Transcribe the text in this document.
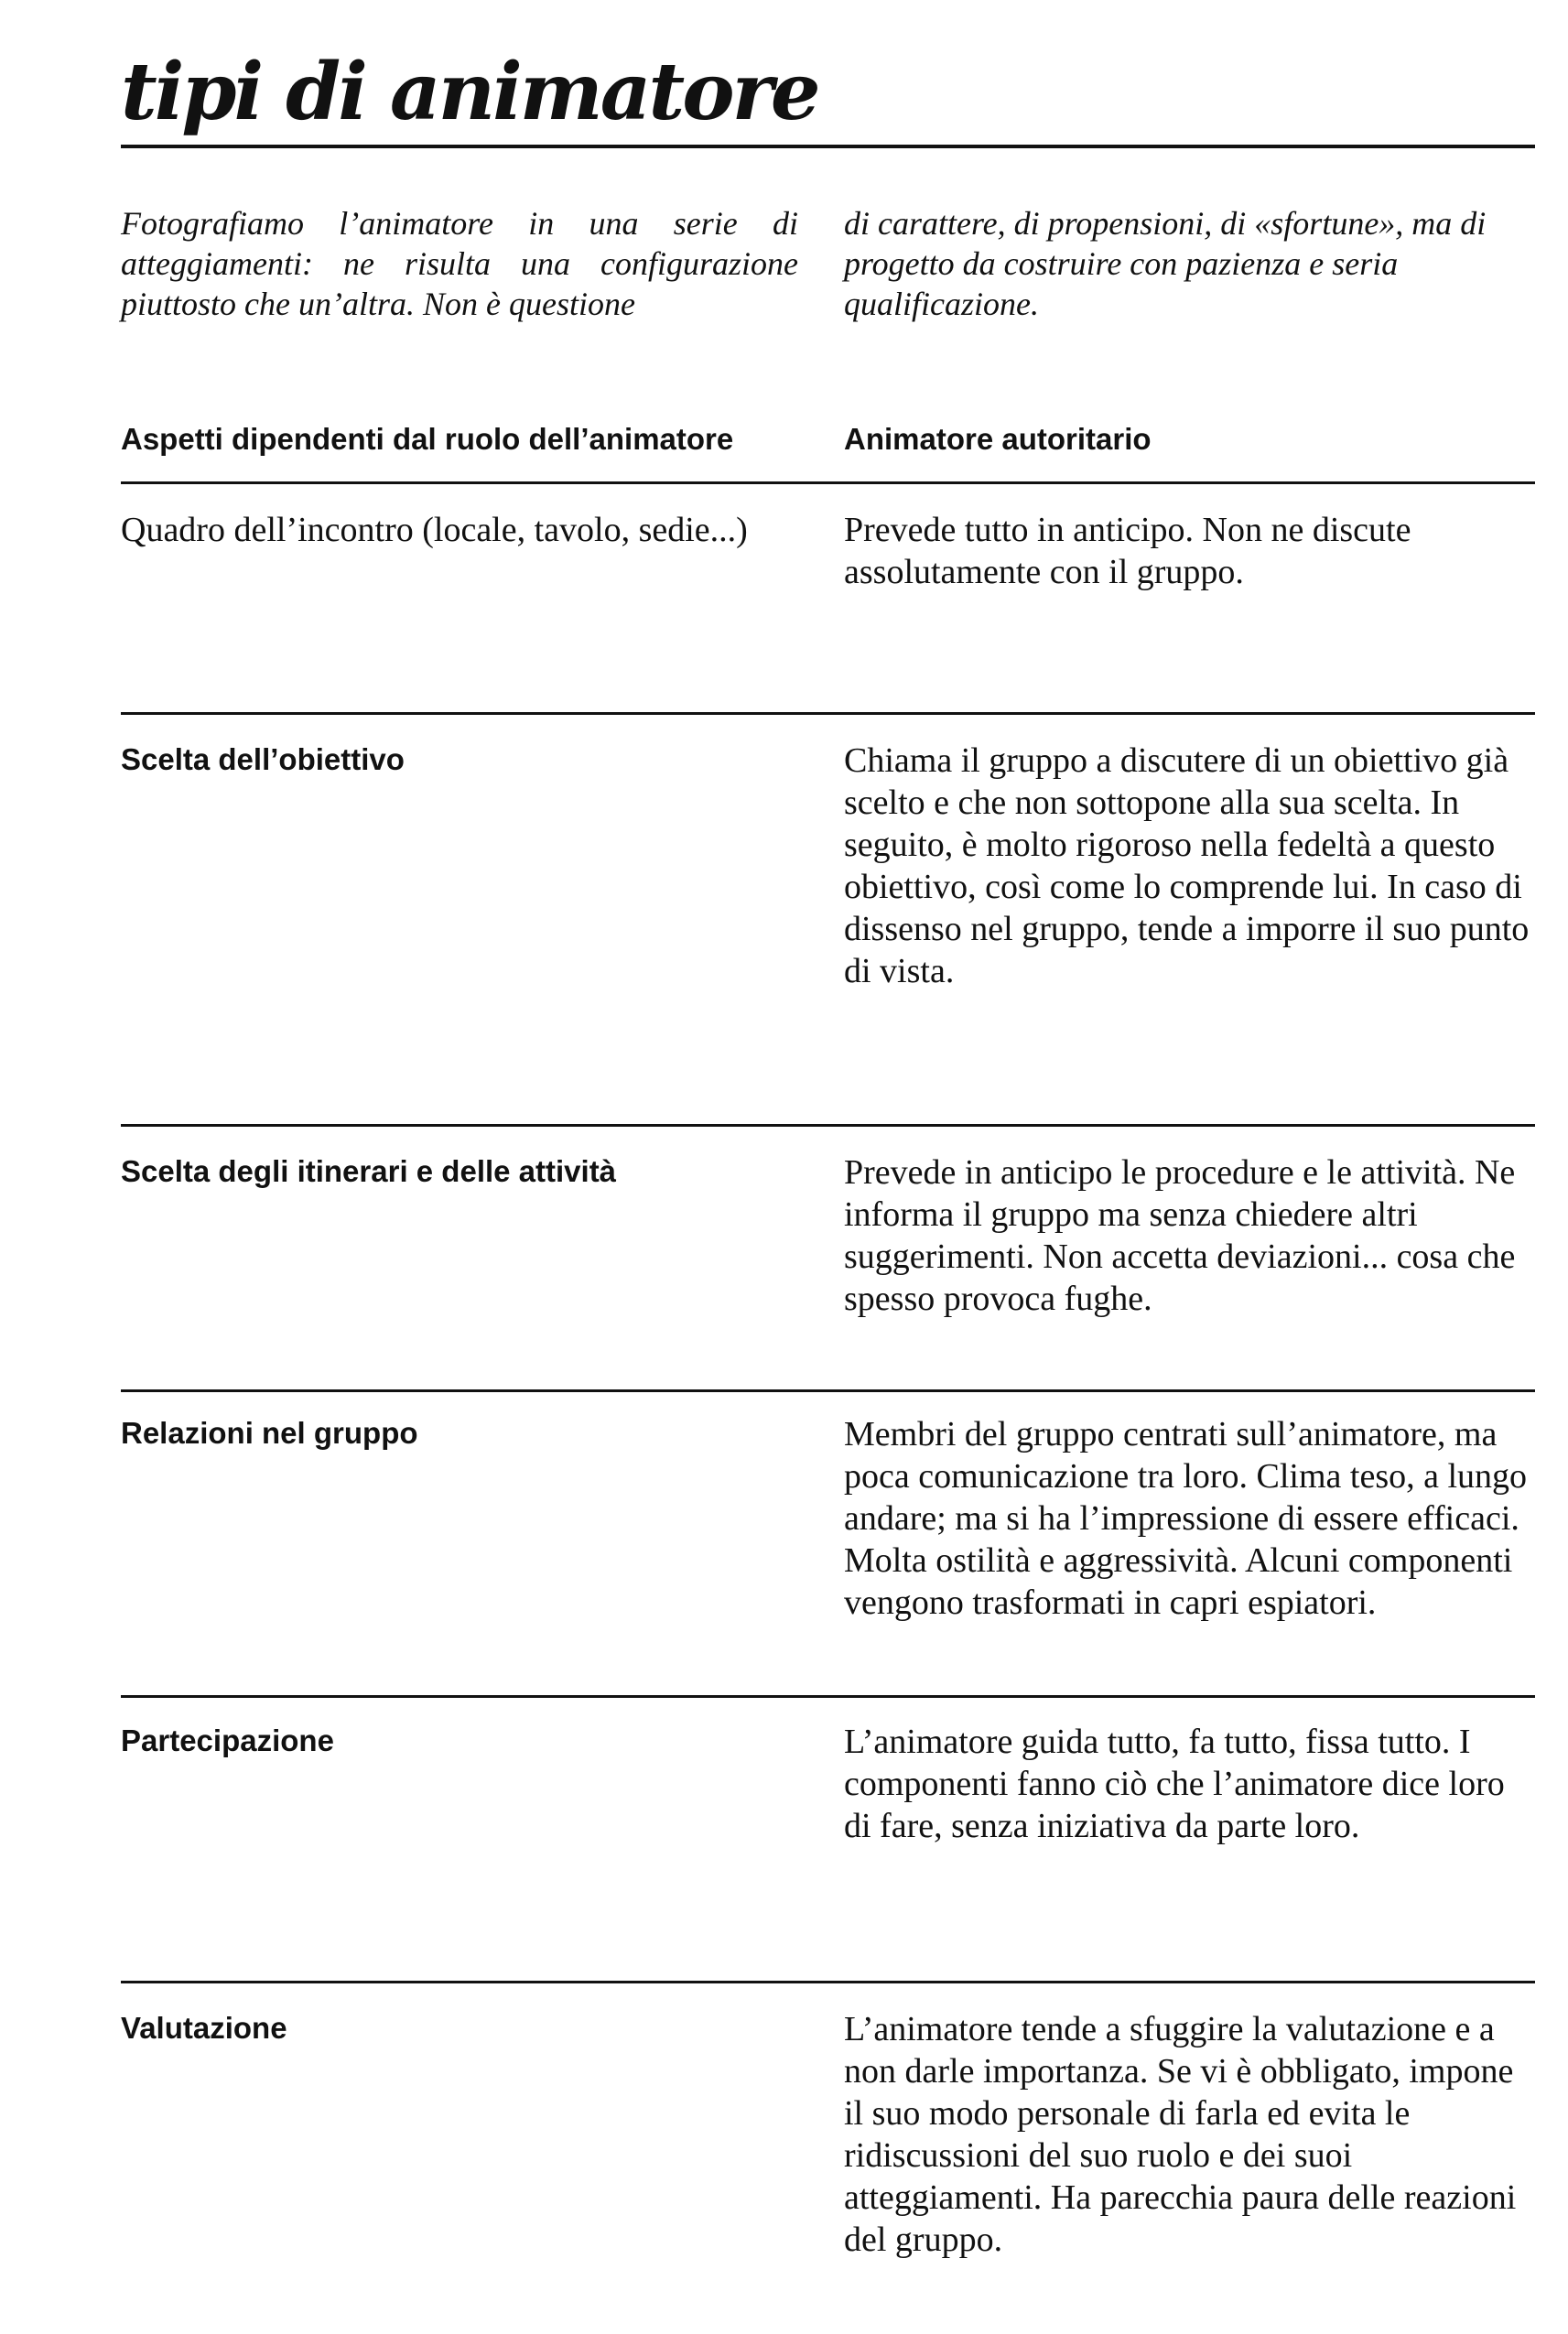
tipi di animatore

Fotografiamo l’animatore in una serie di atteggiamenti: ne risulta una configurazione piuttosto che un’altra. Non è questione

di carattere, di propensioni, di «sfortune», ma di progetto da costruire con pazienza e seria qualificazione.

Aspetti dipendenti dal ruolo dell’animatore	Animatore autoritario

Quadro dell’incontro (locale, tavolo, sedie...)	Prevede tutto in anticipo. Non ne discute assolutamente con il gruppo.

Scelta dell’obiettivo	Chiama il gruppo a discutere di un obiettivo già scelto e che non sottopone alla sua scelta. In seguito, è molto rigoroso nella fedeltà a questo obiettivo, così come lo comprende lui. In caso di dissenso nel gruppo, tende a imporre il suo punto di vista.

Scelta degli itinerari e delle attività	Prevede in anticipo le procedure e le attività. Ne informa il gruppo ma senza chiedere altri suggerimenti. Non accetta deviazioni... cosa che spesso provoca fughe.

Relazioni nel gruppo	Membri del gruppo centrati sull’animatore, ma poca comunicazione tra loro. Clima teso, a lungo andare; ma si ha l’impressione di essere efficaci. Molta ostilità e aggressività. Alcuni componenti vengono trasformati in capri espiatori.

Partecipazione	L’animatore guida tutto, fa tutto, fissa tutto. I componenti fanno ciò che l’animatore dice loro di fare, senza iniziativa da parte loro.

Valutazione	L’animatore tende a sfuggire la valutazione e a non darle importanza. Se vi è obbligato, impone il suo modo personale di farla ed evita le ridiscussioni del suo ruolo e dei suoi atteggiamenti. Ha parecchia paura delle reazioni del gruppo.
